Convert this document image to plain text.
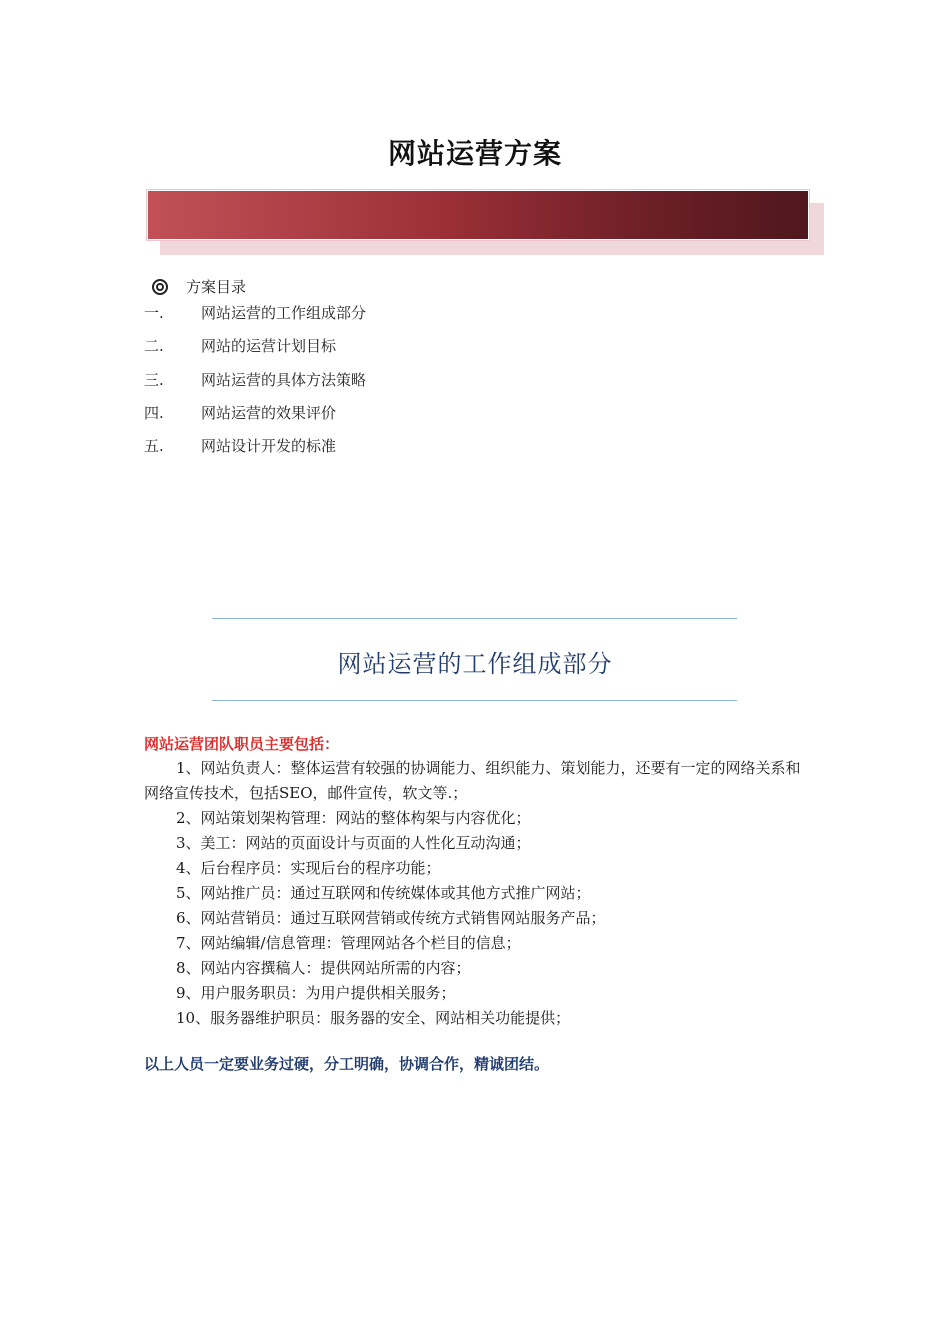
网站运营方案
方案目录
一.	网站运营的工作组成部分
二.	网站的运营计划目标
三.	网站运营的具体方法策略
四.	网站运营的效果评价
五.	网站设计开发的标准
网站运营的工作组成部分
网站运营团队职员主要包括：

1、网站负责人：整体运营有较强的协调能力、组织能力、策划能力，还要有一定的网络关系和网络宣传技术，包括SEO，邮件宣传，软文等.；

2、网站策划架构管理：网站的整体构架与内容优化；

3、美工：网站的页面设计与页面的人性化互动沟通；

4、后台程序员：实现后台的程序功能；

5、网站推广员：通过互联网和传统媒体或其他方式推广网站；

6、网站营销员：通过互联网营销或传统方式销售网站服务产品；

7、网站编辑/信息管理：管理网站各个栏目的信息；

8、网站内容撰稿人：提供网站所需的内容；

9、用户服务职员：为用户提供相关服务；

10、服务器维护职员：服务器的安全、网站相关功能提供；

以上人员一定要业务过硬，分工明确，协调合作，精诚团结。
